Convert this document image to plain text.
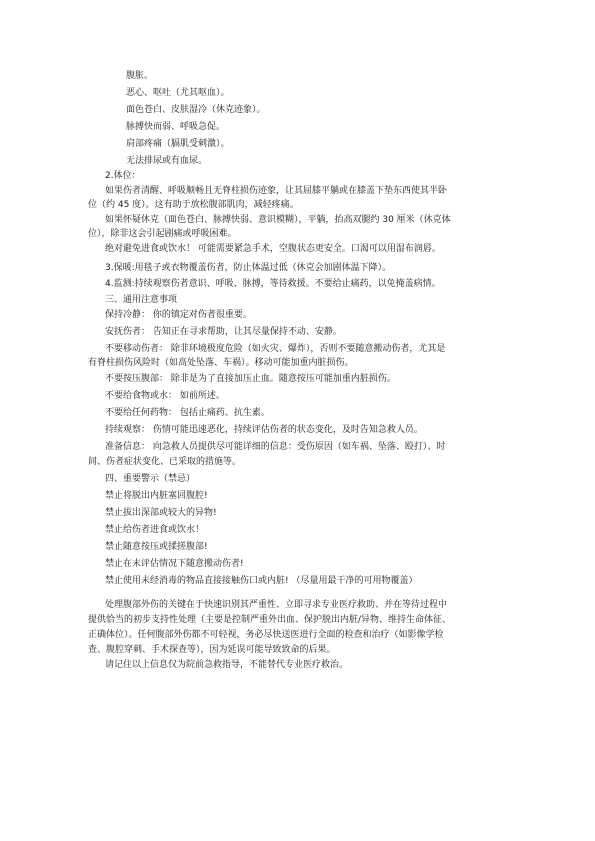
腹胀。
恶心、呕吐（尤其呕血）。
面色苍白、皮肤湿冷（休克迹象）。
脉搏快而弱、呼吸急促。
肩部疼痛（膈肌受刺激）。
无法排尿或有血尿。
2.体位：
如果伤者清醒、呼吸顺畅且无脊柱损伤迹象，让其屈膝平躺或在膝盖下垫东西使其半卧
位（约 45 度）。这有助于放松腹部肌肉，减轻疼痛。
如果怀疑休克（面色苍白、脉搏快弱、意识模糊），平躺，抬高双腿约 30 厘米（休克体
位），除非这会引起剧痛或呼吸困难。
绝对避免进食或饮水！ 可能需要紧急手术，空腹状态更安全。口渴可以用湿布润唇。
3.保暖:用毯子或衣物覆盖伤者，防止体温过低（休克会加剧体温下降）。
4.监测:持续观察伤者意识、呼吸、脉搏，等待救援。不要给止痛药，以免掩盖病情。
三、通用注意事项
保持冷静： 你的镇定对伤者很重要。
安抚伤者： 告知正在寻求帮助，让其尽量保持不动、安静。
不要移动伤者： 除非环境极度危险（如火灾、爆炸），否则不要随意搬动伤者，尤其是
有脊柱损伤风险时（如高处坠落、车祸）。移动可能加重内脏损伤。
不要按压腹部： 除非是为了直接加压止血。随意按压可能加重内脏损伤。
不要给食物或水： 如前所述。
不要给任何药物： 包括止痛药、抗生素。
持续观察： 伤情可能迅速恶化，持续评估伤者的状态变化，及时告知急救人员。
准备信息： 向急救人员提供尽可能详细的信息：受伤原因（如车祸、坠落、殴打）、时
间、伤者症状变化、已采取的措施等。
四、重要警示（禁忌）
禁止将脱出内脏塞回腹腔!
禁止拔出深部或较大的异物!
禁止给伤者进食或饮水！
禁止随意按压或揉搓腹部!
禁止在未评估情况下随意搬动伤者!
禁止使用未经消毒的物品直接接触伤口或内脏! （尽量用最干净的可用物覆盖）
处理腹部外伤的关键在于快速识别其严重性、立即寻求专业医疗救助、并在等待过程中
提供恰当的初步支持性处理（主要是控制严重外出血、保护脱出内脏/异物、维持生命体征、
正确体位）。任何腹部外伤都不可轻视，务必尽快送医进行全面的检查和治疗（如影像学检
查、腹腔穿刺、手术探查等），因为延误可能导致致命的后果。
请记住以上信息仅为院前急救指导，不能替代专业医疗救治。
